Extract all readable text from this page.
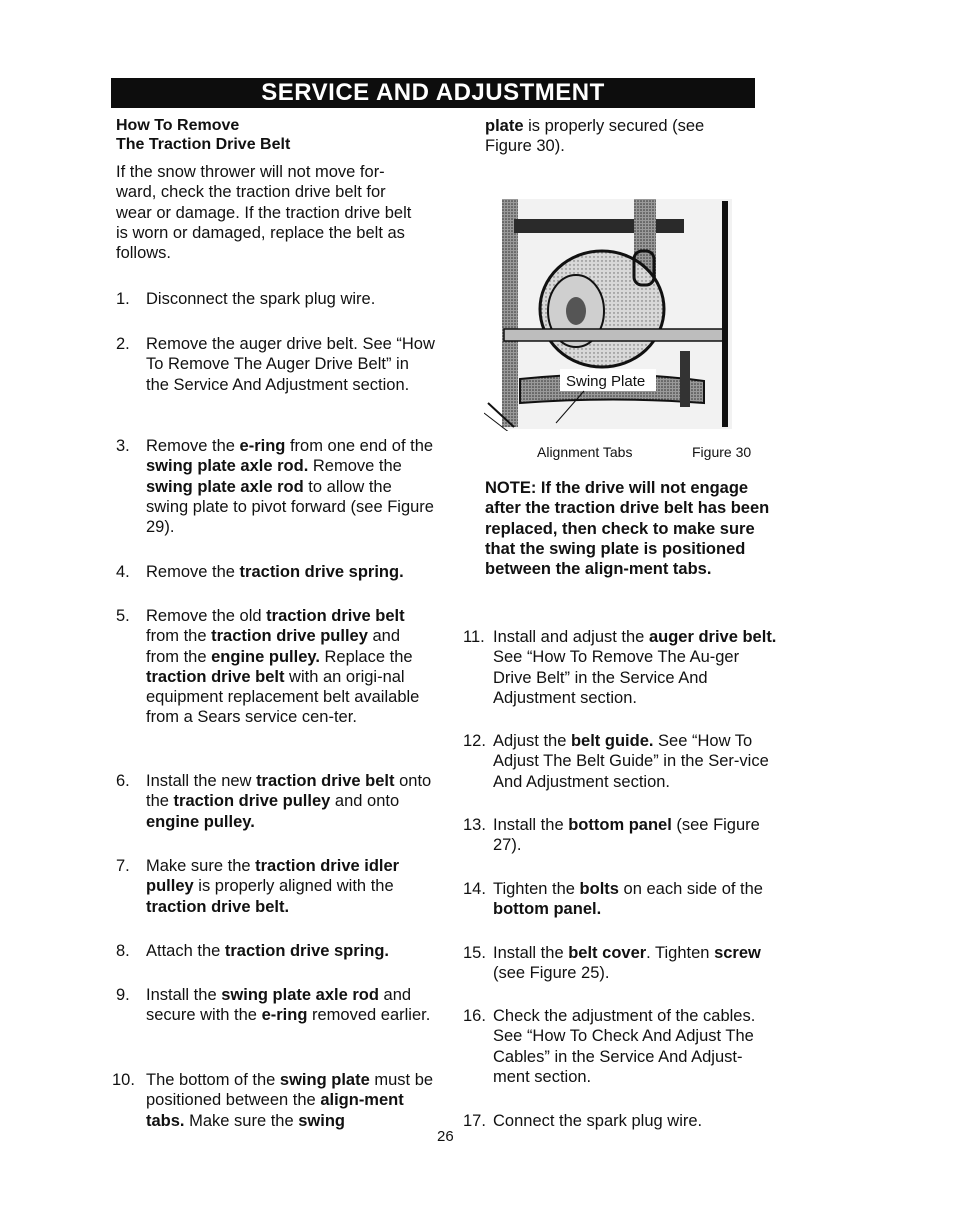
SERVICE AND ADJUSTMENT
How To Remove
The Traction Drive Belt

If the snow thrower will not move for-ward, check the traction drive belt for wear or damage. If the traction drive belt is worn or damaged, replace the belt as follows.

1. Disconnect the spark plug wire.
2. Remove the auger drive belt. See “How To Remove The Auger Drive Belt” in the Service And Adjustment section.
3. Remove the e-ring from one end of the swing plate axle rod. Remove the swing plate axle rod to allow the swing plate to pivot forward (see Figure 29).
4. Remove the traction drive spring.
5. Remove the old traction drive belt from the traction drive pulley and from the engine pulley. Replace the traction drive belt with an origi-nal equipment replacement belt available from a Sears service cen-ter.
6. Install the new traction drive belt onto the traction drive pulley and onto engine pulley.
7. Make sure the traction drive idler pulley is properly aligned with the traction drive belt.
8. Attach the traction drive spring.
9. Install the swing plate axle rod and secure with the e-ring removed earlier.
10. The bottom of the swing plate must be positioned between the align-ment tabs. Make sure the swing

plate is properly secured (see Figure 30).

NOTE: If the drive will not engage after the traction drive belt has been replaced, then check to make sure that the swing plate is positioned between the align-ment tabs.

11. Install and adjust the auger drive belt. See “How To Remove The Au-ger Drive Belt” in the Service And Adjustment section.
12. Adjust the belt guide. See “How To Adjust The Belt Guide” in the Ser-vice And Adjustment section.
13. Install the bottom panel (see Figure 27).
14. Tighten the bolts on each side of the bottom panel.
15. Install the belt cover. Tighten screw (see Figure 25).
16. Check the adjustment of the cables. See “How To Check And Adjust The Cables” in the Service And Adjust-ment section.
17. Connect the spark plug wire.
Swing Plate
Alignment Tabs	Figure 30
26
